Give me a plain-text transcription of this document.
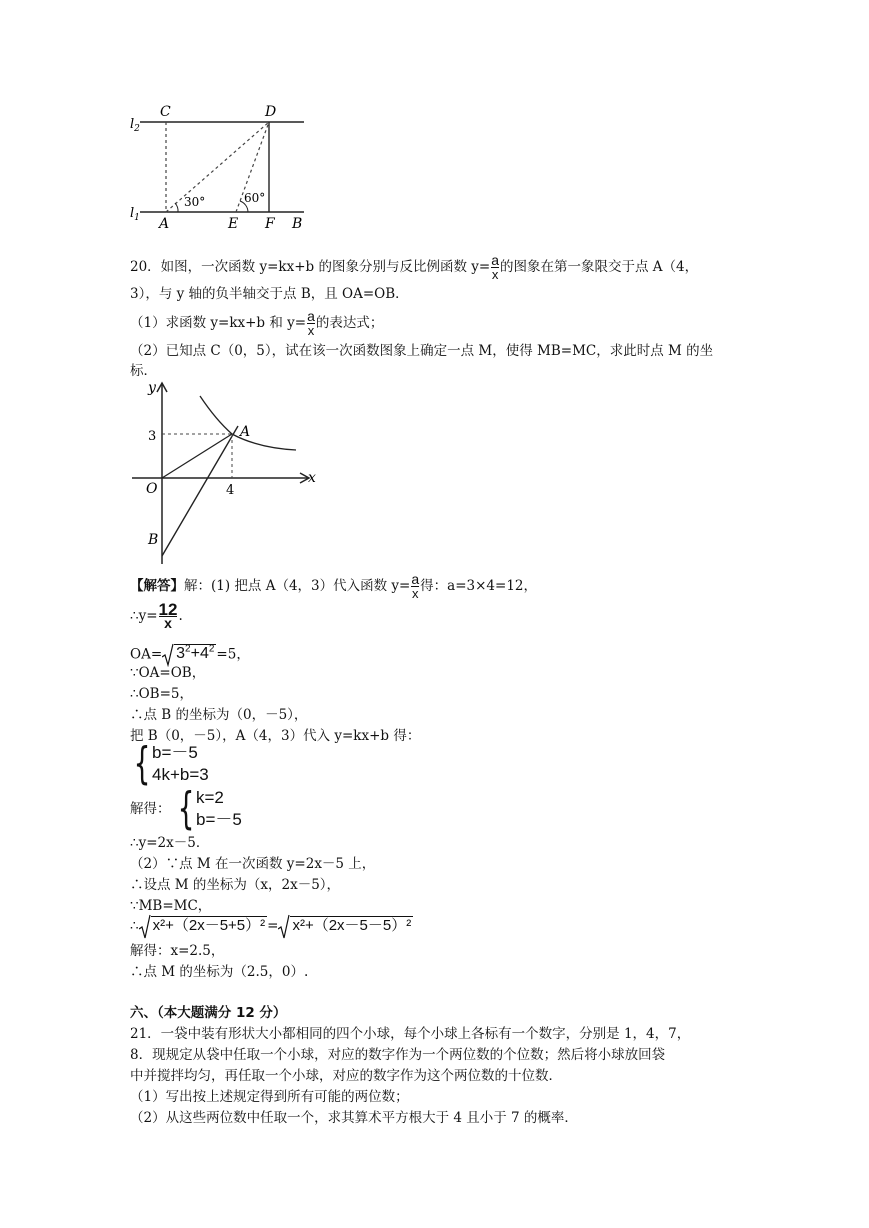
$l_2$
$l_1$
C	D
A	E F B
30°	60°
20．如图，一次函数 y=kx+b 的图象分别与反比例函数 $y= \frac{a}{x}$ 的图象在第一象限交于点 A（4，
3），与 y 轴的负半轴交于点 B，且 OA=OB．
（1）求函数 y=kx+b 和 $y= \frac{a}{x}$ 的表达式；
（2）已知点 C（0，5），试在该一次函数图象上确定一点 M，使得 MB=MC，求此时点 M 的坐
标．
y
x
O
A
B
3
4
【解答】解：(1) 把点 A（4，3）代入函数 $y= \frac{a}{x}$ 得：a=3×4=12，
∴y= $\frac{12}{x}$ .
$OA= 3^2+4^2 =5$，
∵OA=OB，
∴OB=5，
∴点 B 的坐标为（0，－5），
把 B（0，－5），A（4，3）代入 y=kx+b 得：
{ b=－5
4k+b=3
解得： { k=2
b=－5
∴y=2x－5．
（2）∵点 M 在一次函数 y=2x－5 上，
∴设点 M 的坐标为（x，2x－5），
∵MB=MC，
∴ x²+（2x－5+5）² = x²+（2x－5－5）²
解得：x=2.5，
∴点 M 的坐标为（2.5，0）.
六、（本大题满分 12 分）
21．一袋中装有形状大小都相同的四个小球，每个小球上各标有一个数字，分别是 1，4，7，
8．现规定从袋中任取一个小球，对应的数字作为一个两位数的个位数；然后将小球放回袋
中并搅拌均匀，再任取一个小球，对应的数字作为这个两位数的十位数．
（1）写出按上述规定得到所有可能的两位数；
（2）从这些两位数中任取一个，求其算术平方根大于 4 且小于 7 的概率．
